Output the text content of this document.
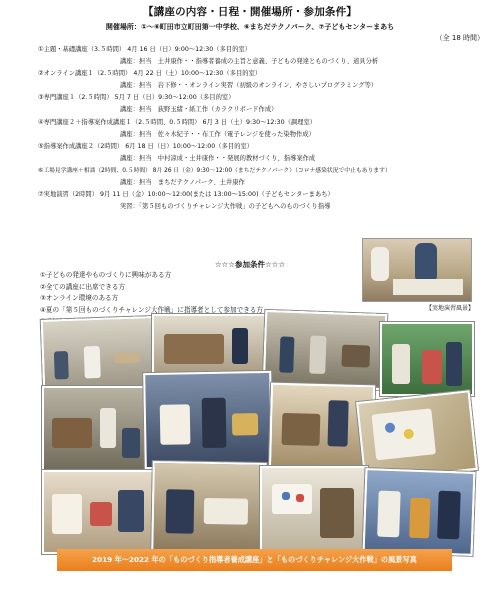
【講座の内容・日程・開催場所・参加条件】
開催場所：①〜⑥町田市立町田第一中学校、⑥まちだテクノパーク、⑦子どもセンターまあち
（全 18 時間）
①主題・基礎講座（3.５時間） 4月 16 日（日）9:00〜12:30（多目的室）
講座：担当　土井康作・・指導者養成の主旨と意義、子どもの発達とものづくり、道具分析
②オンライン講座１（2.５時間） 4月 22 日（土）10:00〜12:30（多目的室）
講座：担当　岩下修・・オンライン実習（初級のオンライン、やさしいプログラミング等）
③専門講座１（2.５時間） 5月 7 日（日）9:30〜12:00（多目的室）
講座：担当　荻野玉緒・紙工作（カラクリボード作成）
④専門講座２＋指導案作成講座１（2.５時間、0.５時間） 6月 3 日（土）9:30〜12:30（調理室）
講座：担当　佐々木紀子・・布工作（電子レンジを使った染物作成）
⑤指導案作成講座２（2時間） 6月 18 日（日）10:00〜12:00（多目的室）
講座：担当　中村凉成・土井康作・・発展的教材づくり、指導案作成
⑥工場見学講座＋相談（2時間、0.５時間） 8月 26 日（金）9:30〜12:00（まちだテクノパーク）（コロナ感染状況で中止もあります）
講座：担当　まちだテクノパーク、土井康作
⑦実地演習（2時間） 9月 11 日（金）10:00〜12:00(または 13:00〜15:00)（子どもセンターまあち）
実習：「第５回ものづくりチャレンジ大作戦」の子どもへのものづくり指導
☆☆☆参加条件☆☆☆
①子どもの発達やものづくりに興味がある方
②全ての講座に出席できる方
③オンライン環境のある方
④夏の「第５回ものづくりチャレンジ大作戦」に指導者として参加できる方	【実地演習風景】
2019 年〜2022 年の「ものづくり指導者養成講座」と「ものづくりチャレンジ大作戦」の風景写真
